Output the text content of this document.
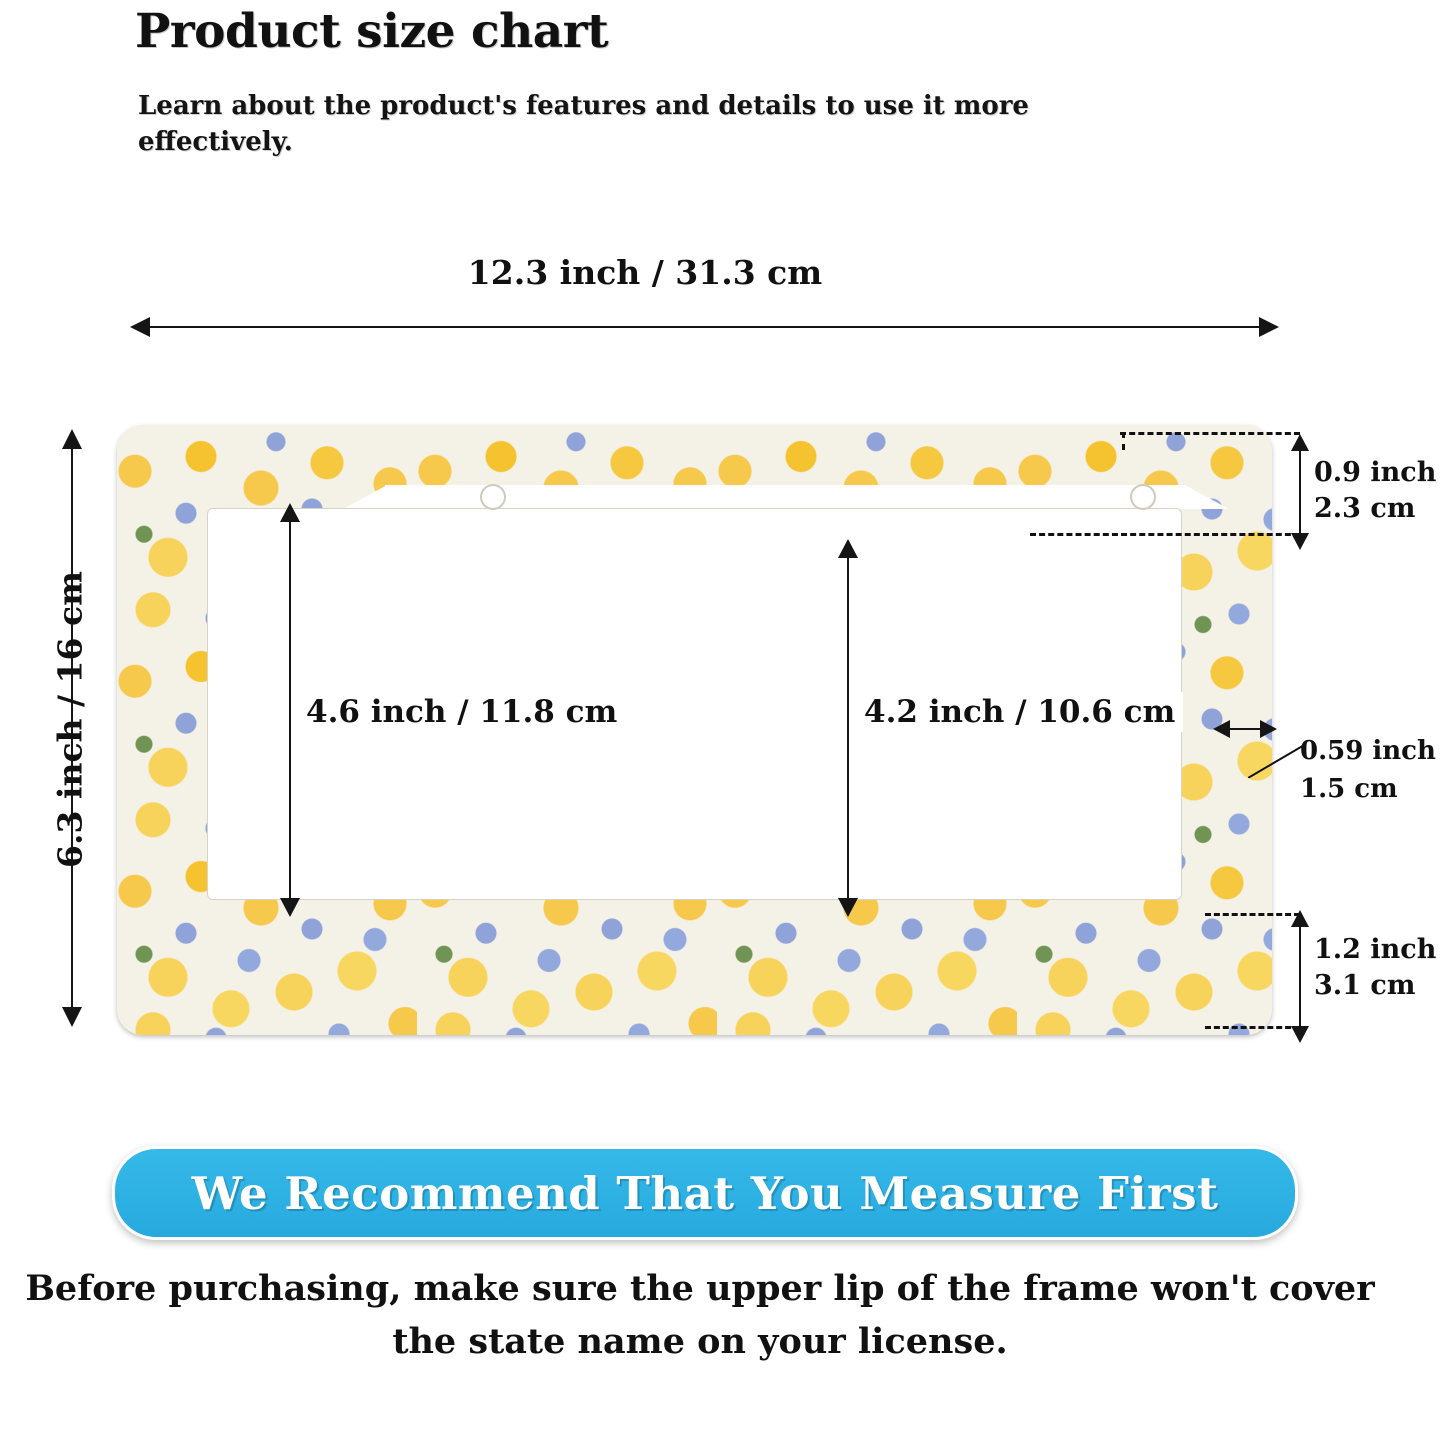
Product size chart
Learn about the product's features and details to use it more effectively.
12.3 inch / 31.3 cm
6.3 inch / 16 cm	4.6 inch / 11.8 cm	4.2 inch / 10.6 cm
0.9 inch
2.3 cm
1.2 inch
3.1 cm
0.59 inch
1.5 cm
We Recommend That You Measure First
Before purchasing, make sure the upper lip of the frame won't cover the state name on your license.
